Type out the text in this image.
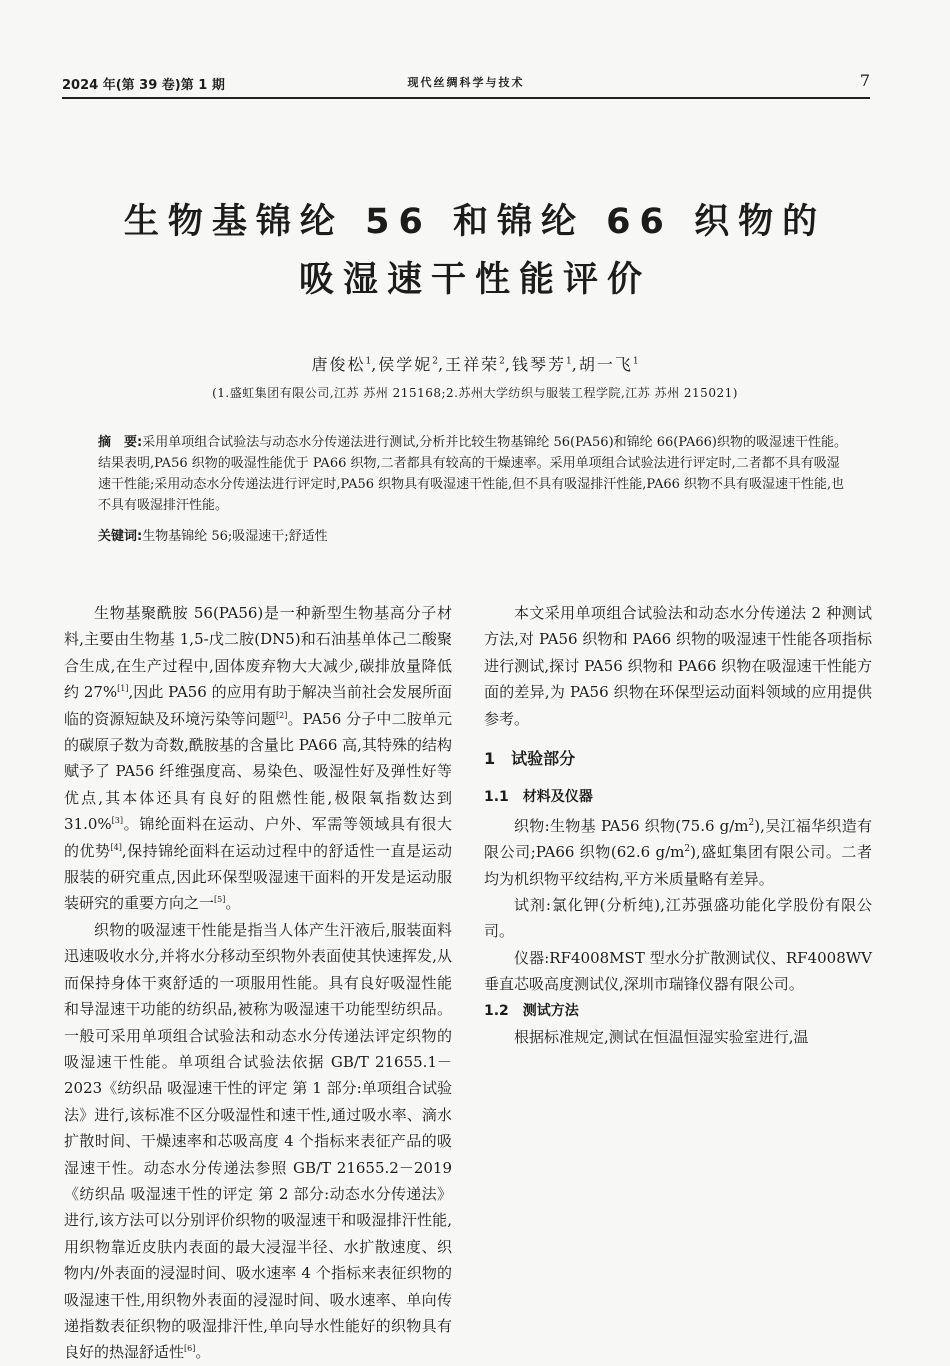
2024 年(第 39 卷)第 1 期	现代丝绸科学与技术	7
生物基锦纶 56 和锦纶 66 织物的
吸湿速干性能评价
唐俊松$^1$,侯学妮$^2$,王祥荣$^2$,钱琴芳$^1$,胡一飞$^1$
(1.盛虹集团有限公司,江苏 苏州 215168;2.苏州大学纺织与服装工程学院,江苏 苏州 215021)

摘　要:采用单项组合试验法与动态水分传递法进行测试,分析并比较生物基锦纶 56(PA56)和锦纶 66(PA66)织物的吸湿速干性能。结果表明,PA56 织物的吸湿性能优于 PA66 织物,二者都具有较高的干燥速率。采用单项组合试验法进行评定时,二者都不具有吸湿速干性能;采用动态水分传递法进行评定时,PA56 织物具有吸湿速干性能,但不具有吸湿排汗性能,PA66 织物不具有吸湿速干性能,也不具有吸湿排汗性能。

关键词:生物基锦纶 56;吸湿速干;舒适性

生物基聚酰胺 56(PA56)是一种新型生物基高分子材料,主要由生物基 1,5-戊二胺(DN5)和石油基单体己二酸聚合生成,在生产过程中,固体废弃物大大减少,碳排放量降低约 27%[1],因此 PA56 的应用有助于解决当前社会发展所面临的资源短缺及环境污染等问题[2]。PA56 分子中二胺单元的碳原子数为奇数,酰胺基的含量比 PA66 高,其特殊的结构赋予了 PA56 纤维强度高、易染色、吸湿性好及弹性好等优点,其本体还具有良好的阻燃性能,极限氧指数达到 31.0%[3]。锦纶面料在运动、户外、军需等领域具有很大的优势[4],保持锦纶面料在运动过程中的舒适性一直是运动服装的研究重点,因此环保型吸湿速干面料的开发是运动服装研究的重要方向之一[5]。

织物的吸湿速干性能是指当人体产生汗液后,服装面料迅速吸收水分,并将水分移动至织物外表面使其快速挥发,从而保持身体干爽舒适的一项服用性能。具有良好吸湿性能和导湿速干功能的纺织品,被称为吸湿速干功能型纺织品。一般可采用单项组合试验法和动态水分传递法评定织物的吸湿速干性能。单项组合试验法依据 GB/T 21655.1－2023《纺织品 吸湿速干性的评定 第 1 部分:单项组合试验法》进行,该标准不区分吸湿性和速干性,通过吸水率、滴水扩散时间、干燥速率和芯吸高度 4 个指标来表征产品的吸湿速干性。动态水分传递法参照 GB/T 21655.2－2019《纺织品 吸湿速干性的评定 第 2 部分:动态水分传递法》进行,该方法可以分别评价织物的吸湿速干和吸湿排汗性能,用织物靠近皮肤内表面的最大浸湿半径、水扩散速度、织物内/外表面的浸湿时间、吸水速率 4 个指标来表征织物的吸湿速干性,用织物外表面的浸湿时间、吸水速率、单向传递指数表征织物的吸湿排汗性,单向导水性能好的织物具有良好的热湿舒适性[6]。

本文采用单项组合试验法和动态水分传递法 2 种测试方法,对 PA56 织物和 PA66 织物的吸湿速干性能各项指标进行测试,探讨 PA56 织物和 PA66 织物在吸湿速干性能方面的差异,为 PA56 织物在环保型运动面料领域的应用提供参考。

1　试验部分
1.1　材料及仪器

织物:生物基 PA56 织物(75.6 $g/m^2$),吴江福华织造有限公司;PA66 织物(62.6 $g/m^2$),盛虹集团有限公司。二者均为机织物平纹结构,平方米质量略有差异。

试剂:氯化钾(分析纯),江苏强盛功能化学股份有限公司。

仪器:RF4008MST 型水分扩散测试仪、RF4008WV 垂直芯吸高度测试仪,深圳市瑞锋仪器有限公司。

1.2　测试方法

根据标准规定,测试在恒温恒湿实验室进行,温
